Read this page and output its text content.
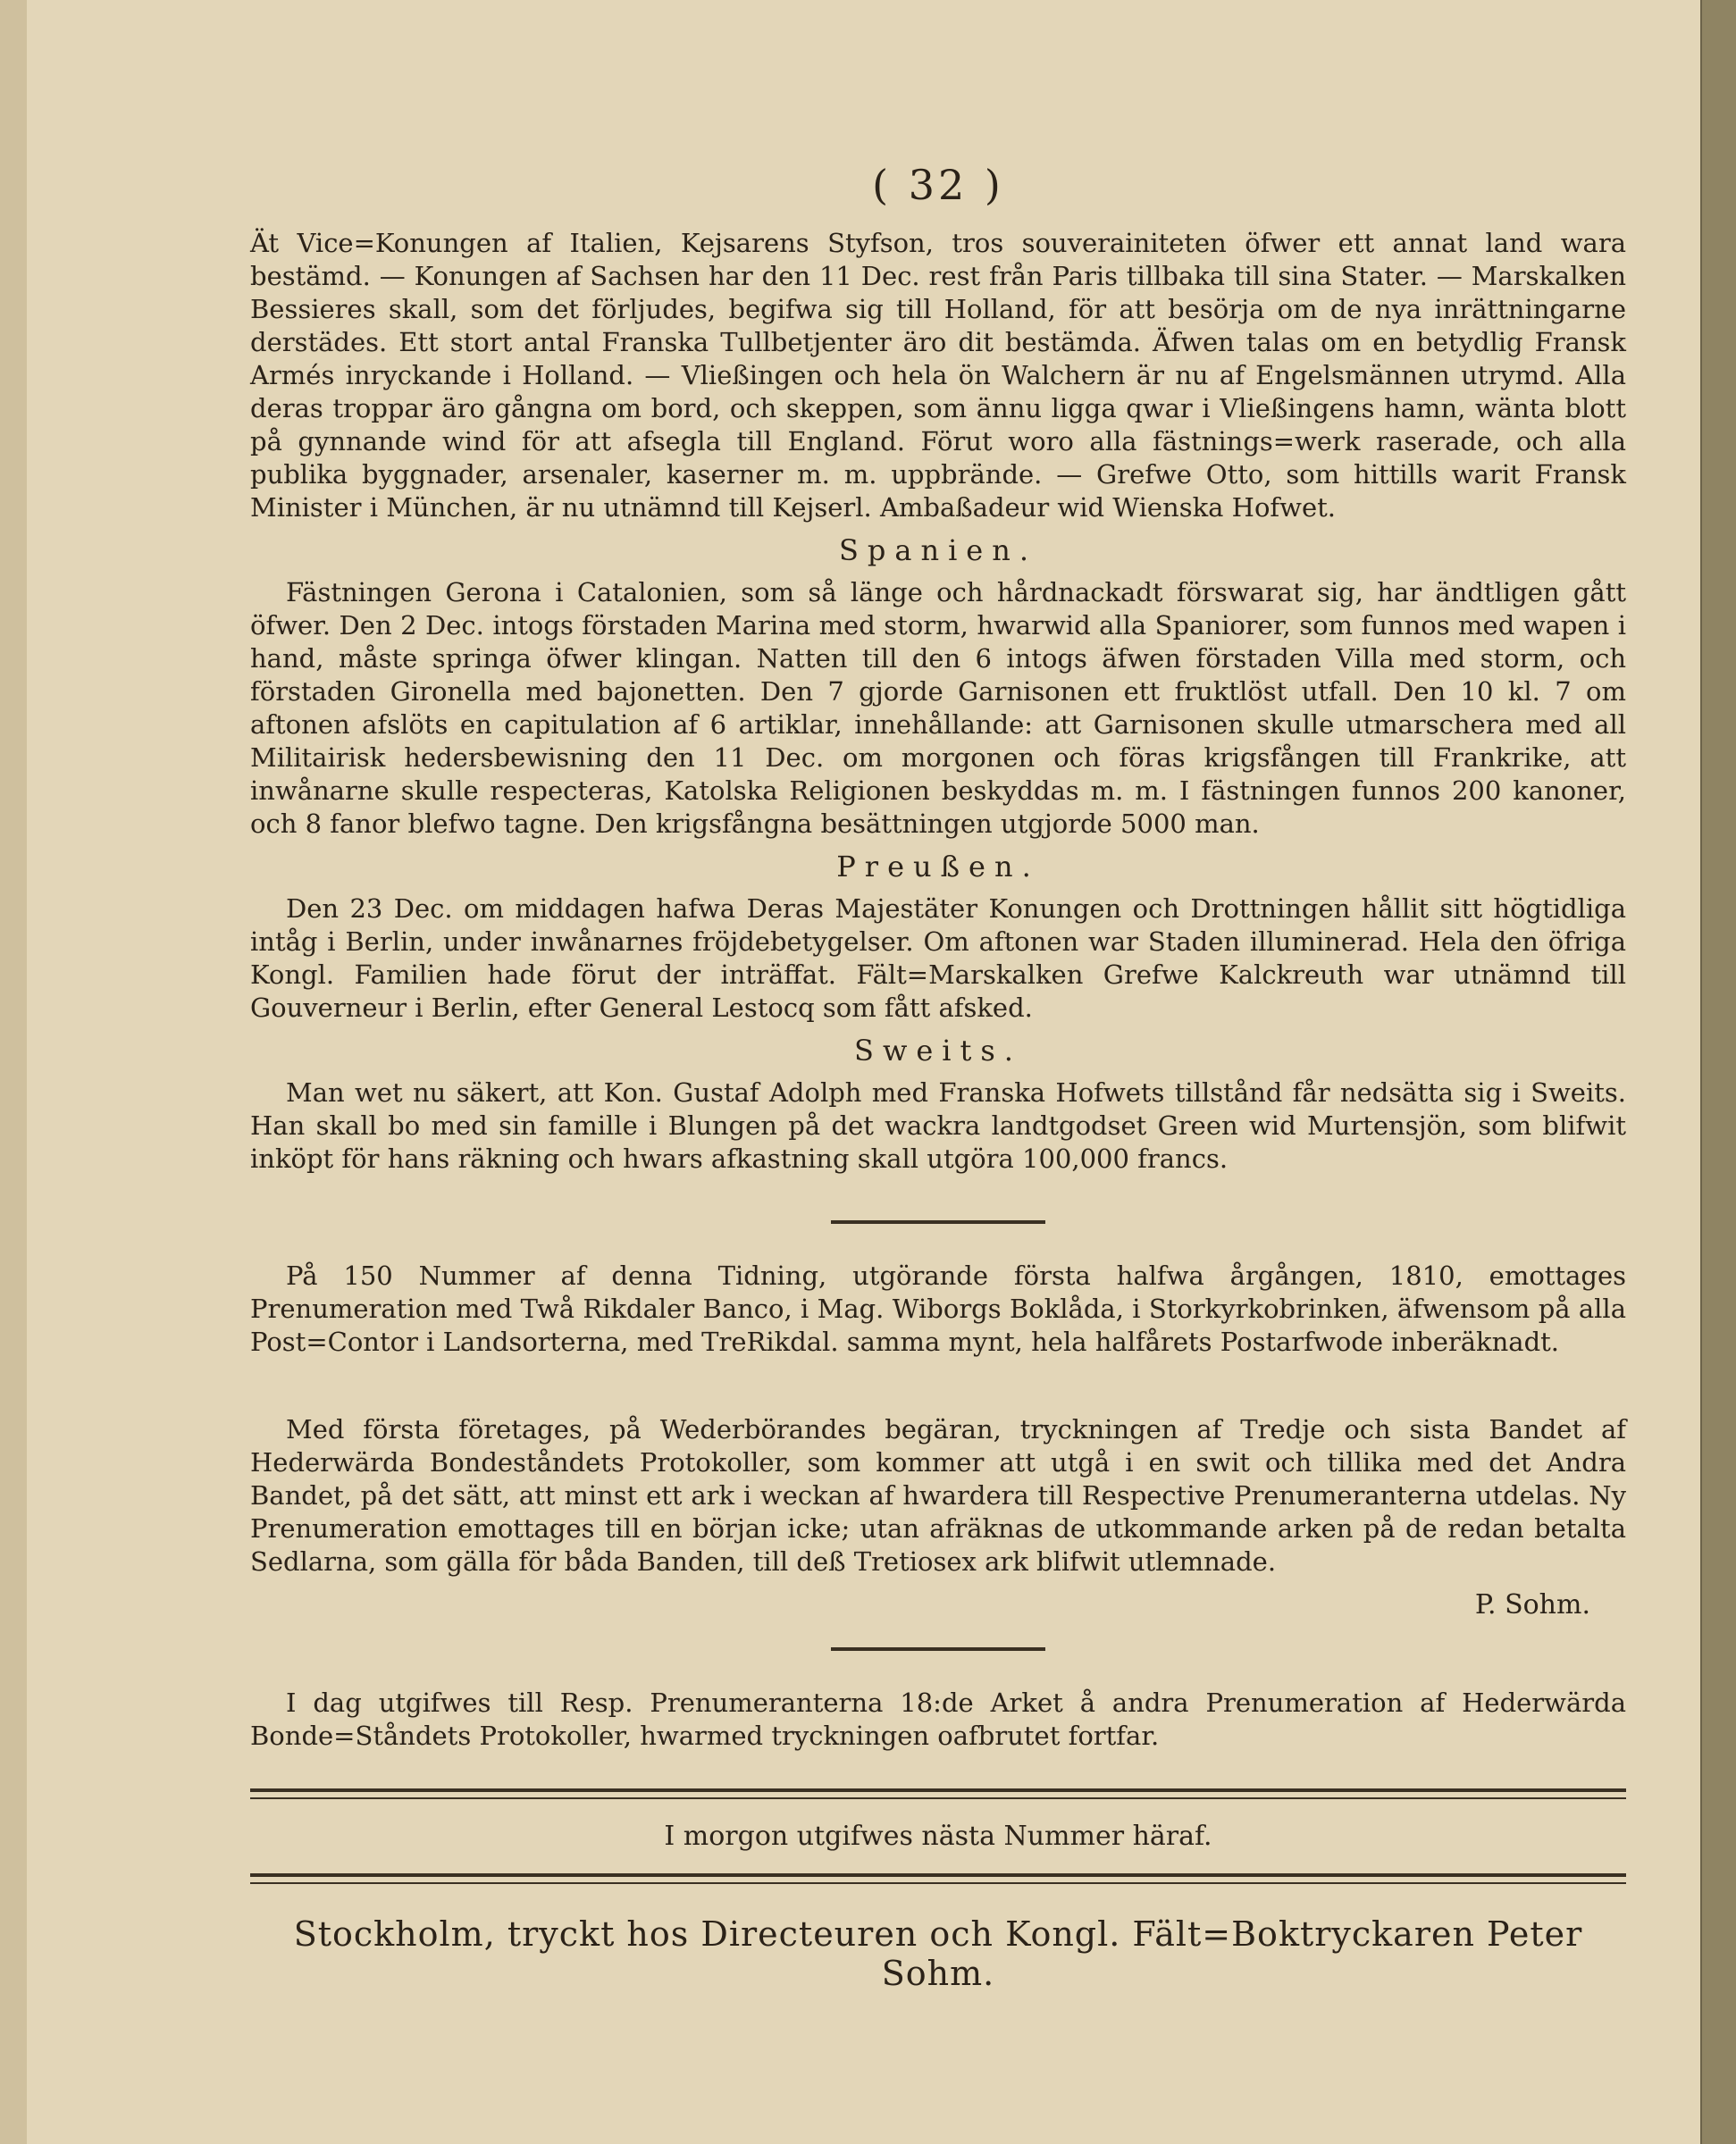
( 32 )

Ät Vice=Konungen af Italien, Kejsarens Styfson, tros souverainiteten öfwer ett annat land wara bestämd. — Konungen af Sachsen har den 11 Dec. rest från Paris tillbaka till sina Stater. — Marskalken Bessieres skall, som det förljudes, begifwa sig till Holland, för att besörja om de nya inrättningarne derstädes. Ett stort antal Franska Tullbetjenter äro dit bestämda. Äfwen talas om en betydlig Fransk Armés inryckande i Holland. — Vließingen och hela ön Walchern är nu af Engelsmännen utrymd. Alla deras troppar äro gångna om bord, och skeppen, som ännu ligga qwar i Vließingens hamn, wänta blott på gynnande wind för att afsegla till England. Förut woro alla fästnings=werk raserade, och alla publika byggnader, arsenaler, kaserner m. m. uppbrände. — Grefwe Otto, som hittills warit Fransk Minister i München, är nu utnämnd till Kejserl. Ambaßadeur wid Wienska Hofwet.

Spanien.

Fästningen Gerona i Catalonien, som så länge och hårdnackadt förswarat sig, har ändtligen gått öfwer. Den 2 Dec. intogs förstaden Marina med storm, hwarwid alla Spaniorer, som funnos med wapen i hand, måste springa öfwer klingan. Natten till den 6 intogs äfwen förstaden Villa med storm, och förstaden Gironella med bajonetten. Den 7 gjorde Garnisonen ett fruktlöst utfall. Den 10 kl. 7 om aftonen afslöts en capitulation af 6 artiklar, innehållande: att Garnisonen skulle utmarschera med all Militairisk hedersbewisning den 11 Dec. om morgonen och föras krigsfången till Frankrike, att inwånarne skulle respecteras, Katolska Religionen beskyddas m. m. I fästningen funnos 200 kanoner, och 8 fanor blefwo tagne. Den krigsfångna besättningen utgjorde 5000 man.

Preußen.

Den 23 Dec. om middagen hafwa Deras Majestäter Konungen och Drottningen hållit sitt högtidliga intåg i Berlin, under inwånarnes fröjdebetygelser. Om aftonen war Staden illuminerad. Hela den öfriga Kongl. Familien hade förut der inträffat. Fält=Marskalken Grefwe Kalckreuth war utnämnd till Gouverneur i Berlin, efter General Lestocq som fått afsked.

Sweits.

Man wet nu säkert, att Kon. Gustaf Adolph med Franska Hofwets tillstånd får nedsätta sig i Sweits. Han skall bo med sin famille i Blungen på det wackra landtgodset Green wid Murtensjön, som blifwit inköpt för hans räkning och hwars afkastning skall utgöra 100,000 francs.

På 150 Nummer af denna Tidning, utgörande första halfwa årgången, 1810, emottages Prenumeration med Twå Rikdaler Banco, i Mag. Wiborgs Boklåda, i Storkyrkobrinken, äfwensom på alla Post=Contor i Landsorterna, med TreRikdal. samma mynt, hela halfårets Postarfwode inberäknadt.

Med första företages, på Wederbörandes begäran, tryckningen af Tredje och sista Bandet af Hederwärda Bondeståndets Protokoller, som kommer att utgå i en swit och tillika med det Andra Bandet, på det sätt, att minst ett ark i weckan af hwardera till Respective Prenumeranterna utdelas. Ny Prenumeration emottages till en början icke; utan afräknas de utkommande arken på de redan betalta Sedlarna, som gälla för båda Banden, till deß Tretiosex ark blifwit utlemnade.

P. Sohm.

I dag utgifwes till Resp. Prenumeranterna 18:de Arket å andra Prenumeration af Hederwärda Bonde=Ståndets Protokoller, hwarmed tryckningen oafbrutet fortfar.

I morgon utgifwes nästa Nummer häraf.
Stockholm, tryckt hos Directeuren och Kongl. Fält=Boktryckaren Peter Sohm.
